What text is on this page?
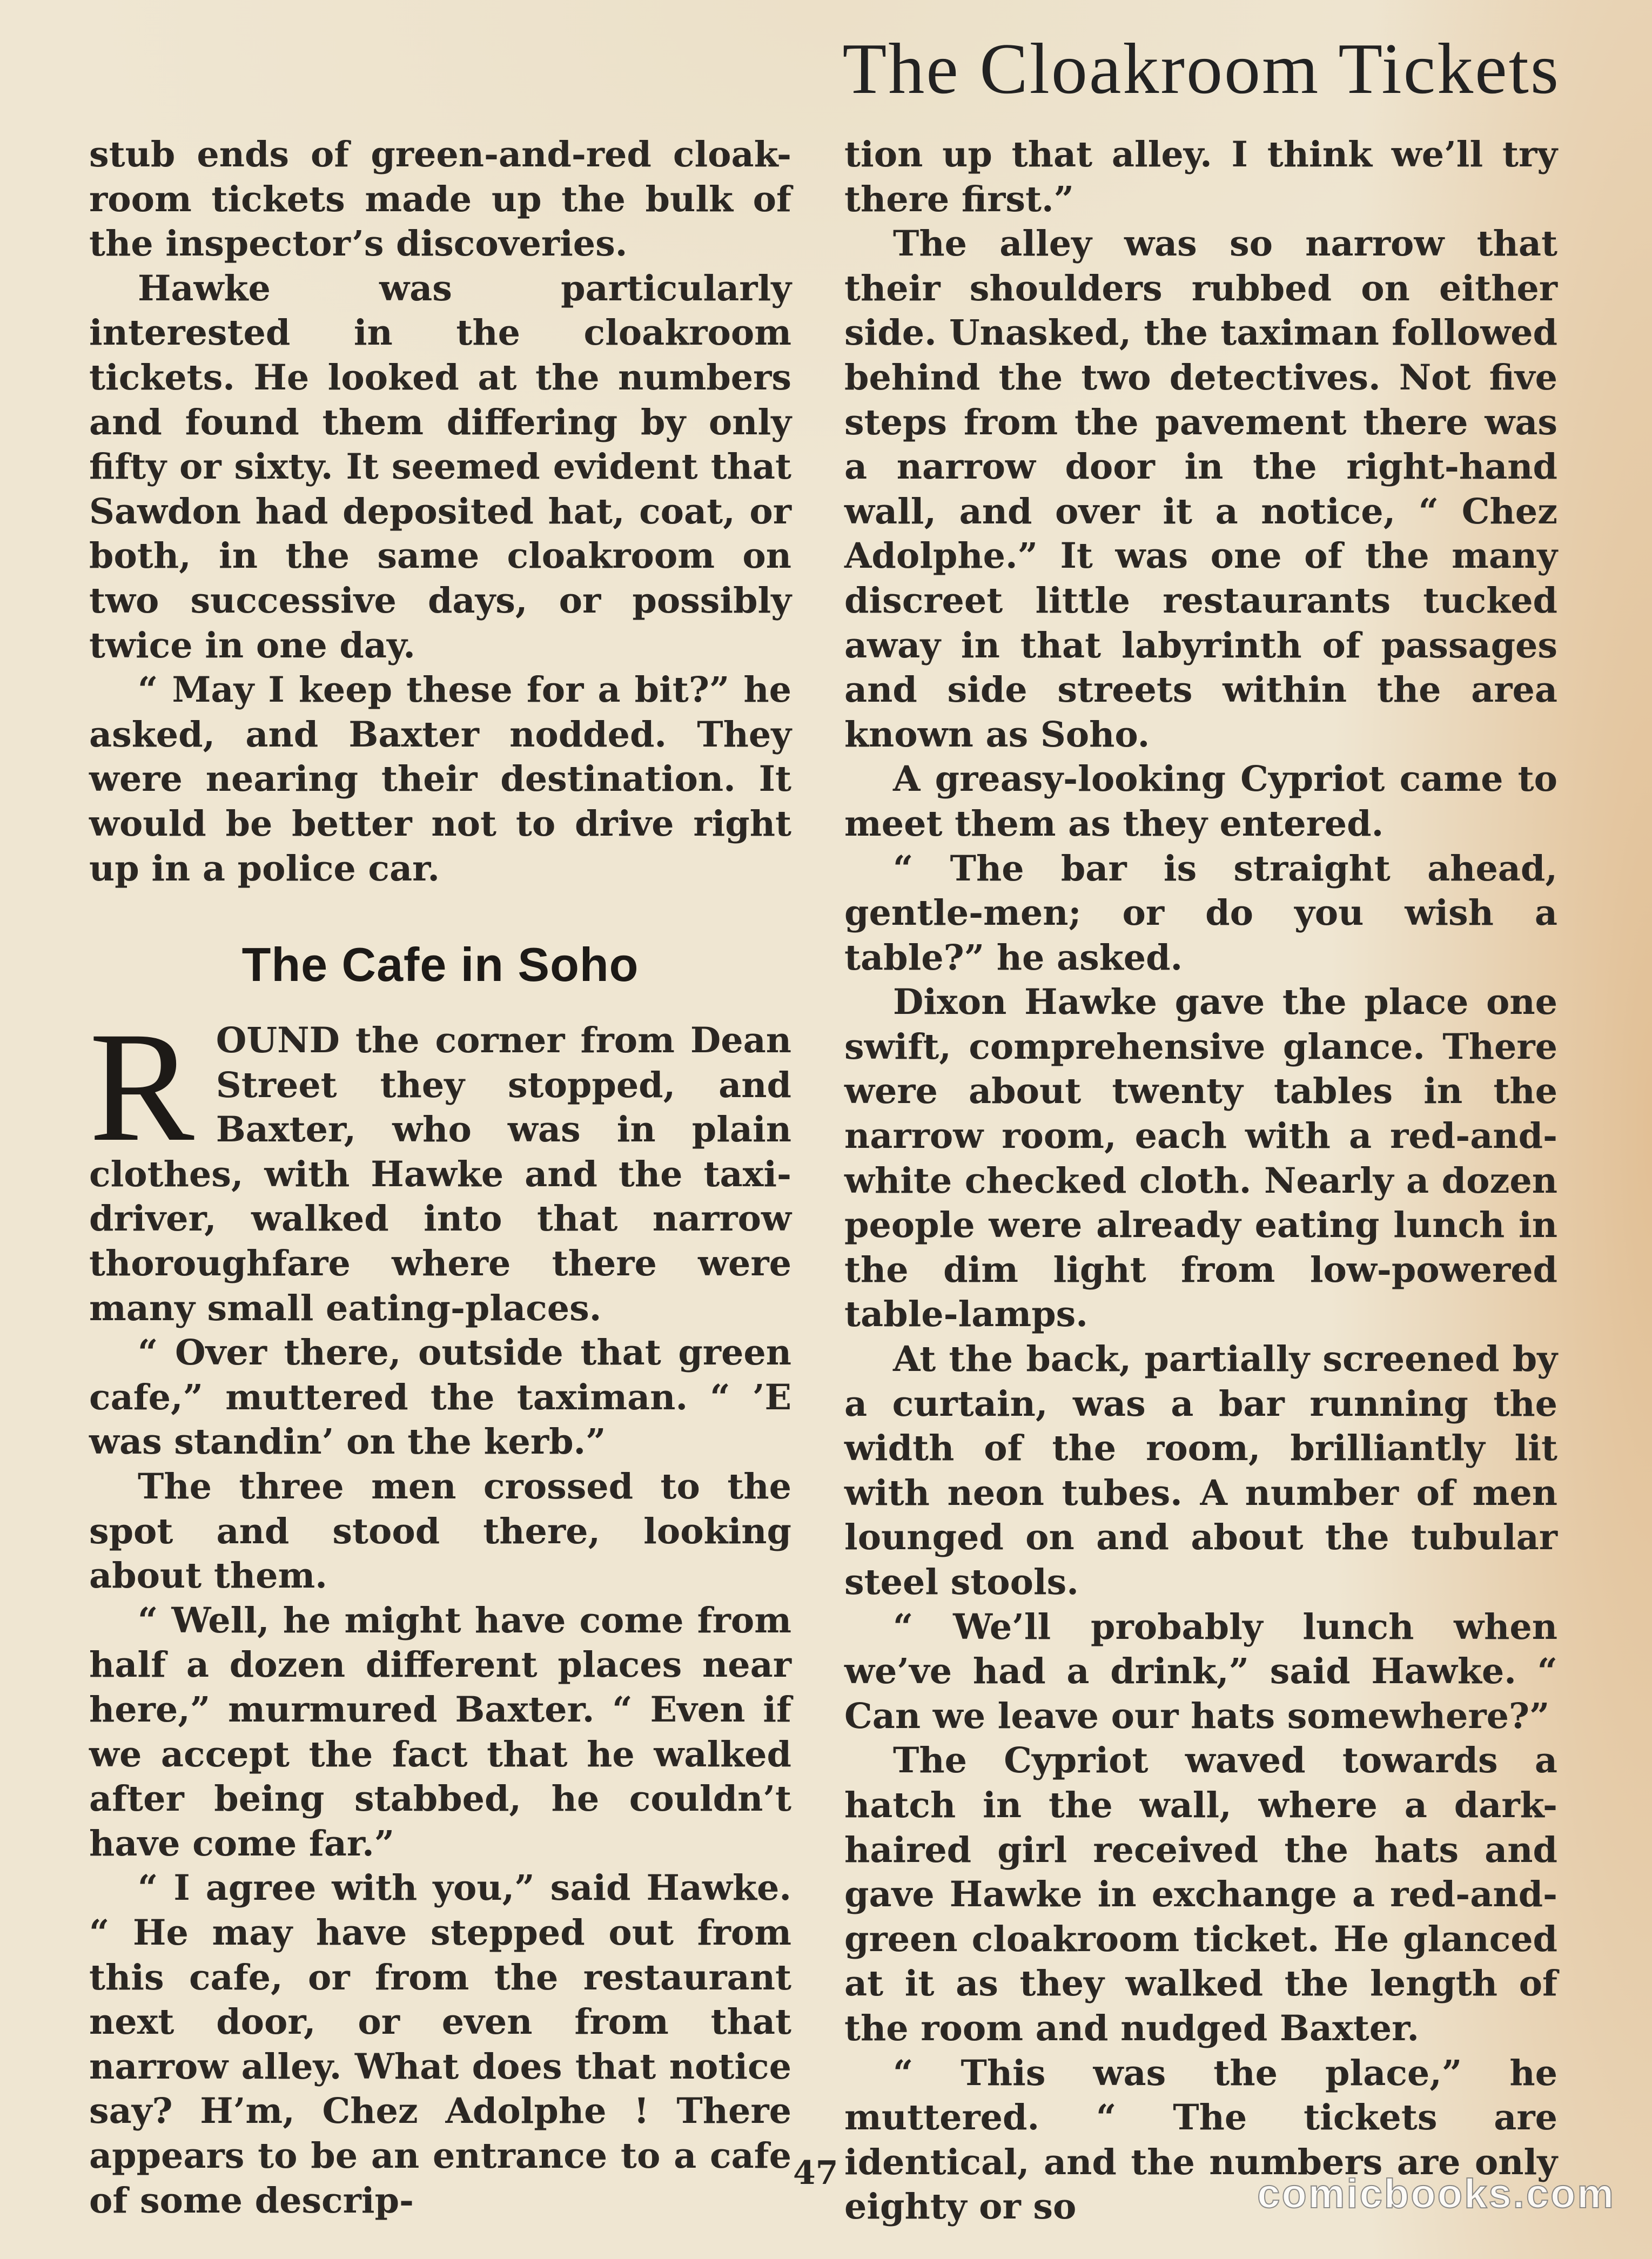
The Cloakroom Tickets

stub ends of green-and-red cloak-room tickets made up the bulk of the inspector’s discoveries.

Hawke was particularly interested in the cloakroom tickets. He looked at the numbers and found them differing by only fifty or sixty. It seemed evident that Sawdon had deposited hat, coat, or both, in the same cloakroom on two successive days, or possibly twice in one day.

“ May I keep these for a bit?” he asked, and Baxter nodded. They were nearing their destination. It would be better not to drive right up in a police car.

The Cafe in Soho

ROUND the corner from Dean Street they stopped, and Baxter, who was in plain clothes, with Hawke and the taxi-driver, walked into that narrow thoroughfare where there were many small eating-places.

“ Over there, outside that green cafe,” muttered the taximan. “ ’E was standin’ on the kerb.”

The three men crossed to the spot and stood there, looking about them.

“ Well, he might have come from half a dozen different places near here,” murmured Baxter. “ Even if we accept the fact that he walked after being stabbed, he couldn’t have come far.”

“ I agree with you,” said Hawke. “ He may have stepped out from this cafe, or from the restaurant next door, or even from that narrow alley. What does that notice say? H’m, Chez Adolphe ! There appears to be an entrance to a cafe of some descrip-

tion up that alley. I think we’ll try there first.”

The alley was so narrow that their shoulders rubbed on either side. Unasked, the taximan followed behind the two detectives. Not five steps from the pavement there was a narrow door in the right-hand wall, and over it a notice, “ Chez Adolphe.” It was one of the many discreet little restaurants tucked away in that labyrinth of passages and side streets within the area known as Soho.

A greasy-looking Cypriot came to meet them as they entered.

“ The bar is straight ahead, gentle-men; or do you wish a table?” he asked.

Dixon Hawke gave the place one swift, comprehensive glance. There were about twenty tables in the narrow room, each with a red-and-white checked cloth. Nearly a dozen people were already eating lunch in the dim light from low-powered table-lamps.

At the back, partially screened by a curtain, was a bar running the width of the room, brilliantly lit with neon tubes. A number of men lounged on and about the tubular steel stools.

“ We’ll probably lunch when we’ve had a drink,” said Hawke. “ Can we leave our hats somewhere?”

The Cypriot waved towards a hatch in the wall, where a dark-haired girl received the hats and gave Hawke in exchange a red-and-green cloakroom ticket. He glanced at it as they walked the length of the room and nudged Baxter.

“ This was the place,” he muttered. “ The tickets are identical, and the numbers are only eighty or so

47	comicbooks.com
